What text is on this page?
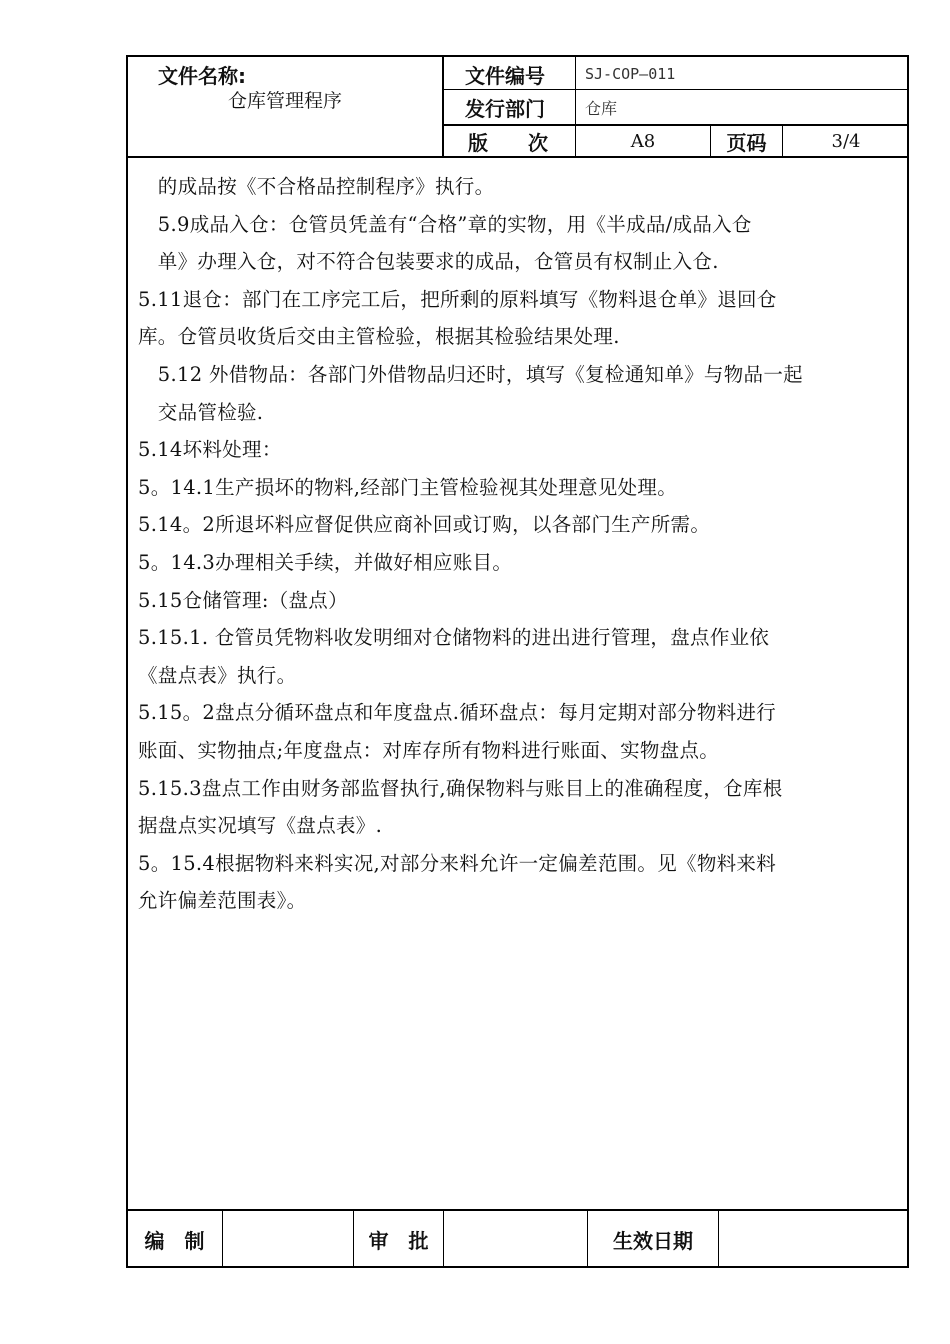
文件名称:
仓库管理程序
文件编号	SJ-COP—011
发行部门	仓库
版　　次	A8	页码	3/4

　的成品按《不合格品控制程序》执行。

　5.9成品入仓：仓管员凭盖有“合格”章的实物，用《半成品/成品入仓

　单》办理入仓，对不符合包装要求的成品，仓管员有权制止入仓.

5.11退仓：部门在工序完工后，把所剩的原料填写《物料退仓单》退回仓

库。仓管员收货后交由主管检验，根据其检验结果处理.

　5.12 外借物品：各部门外借物品归还时，填写《复检通知单》与物品一起

　交品管检验.

5.14坏料处理：

5。14.1生产损坏的物料,经部门主管检验视其处理意见处理。

5.14。2所退坏料应督促供应商补回或订购，以各部门生产所需。

5。14.3办理相关手续，并做好相应账目。

5.15仓储管理:（盘点）

5.15.1. 仓管员凭物料收发明细对仓储物料的进出进行管理，盘点作业依

《盘点表》执行。

5.15。2盘点分循环盘点和年度盘点.循环盘点：每月定期对部分物料进行

账面、实物抽点;年度盘点：对库存所有物料进行账面、实物盘点。

5.15.3盘点工作由财务部监督执行,确保物料与账目上的准确程度，仓库根

据盘点实况填写《盘点表》.

5。15.4根据物料来料实况,对部分来料允许一定偏差范围。见《物料来料

允许偏差范围表》。

编　制	审　批	生效日期
